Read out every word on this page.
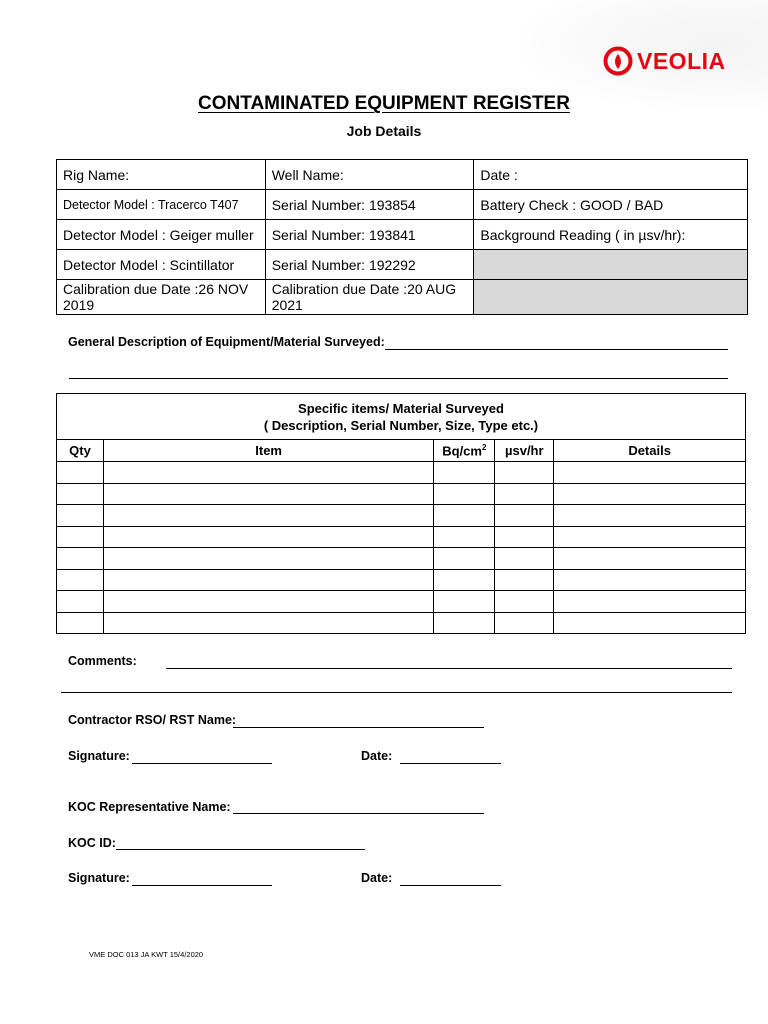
VEOLIA
CONTAMINATED EQUIPMENT REGISTER
Job Details
Rig Name:	Well Name:	Date :
Detector Model : Tracerco T407	Serial Number: 193854	Battery Check : GOOD / BAD
Detector Model : Geiger muller	Serial Number: 193841	Background Reading ( in µsv/hr):
Detector Model : Scintillator	Serial Number: 192292	
Calibration due Date :26 NOV 2019	Calibration due Date :20 AUG 2021	
General Description of Equipment/Material Surveyed:
Specific items/ Material Surveyed
( Description, Serial Number, Size, Type etc.)				

Qty	Item	$Bq/cm^2$	µsv/hr	Details

Comments:
Contractor RSO/ RST Name:
Signature:	Date:
KOC Representative Name:
KOC ID:
Signature:	Date:
VME DOC 013 JA KWT 15/4/2020
